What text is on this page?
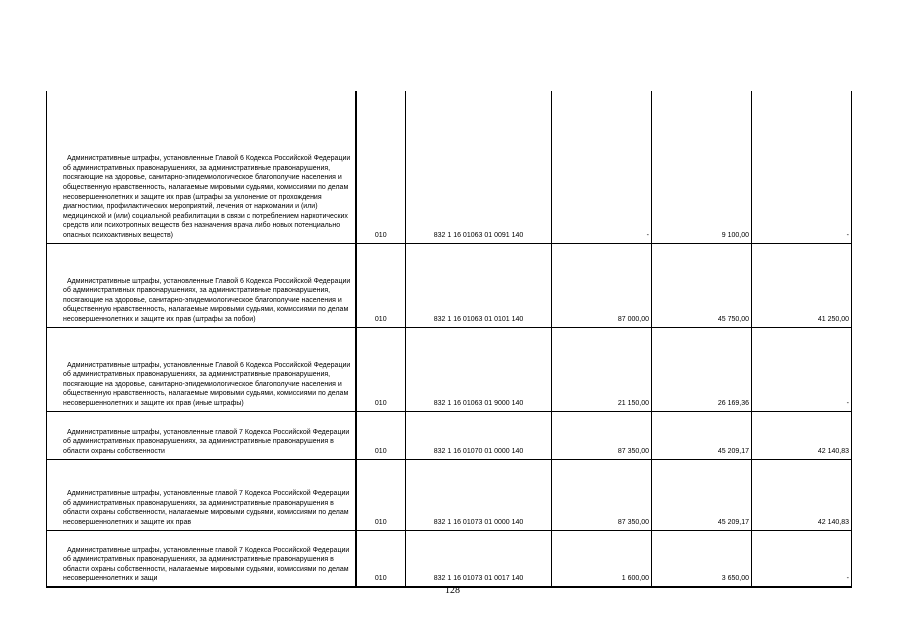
Административные штрафы, установленные Главой 6 Кодекса Российской Федерации об административных правонарушениях, за административные правонарушения, посягающие на здоровье, санитарно-эпидемиологическое благополучие населения и общественную нравственность, налагаемые мировыми судьями, комиссиями по делам несовершеннолетних и защите их прав (штрафы за уклонение от прохождения диагностики, профилактических мероприятий, лечения от наркомании и (или) медицинской и (или) социальной реабилитации в связи с потреблением наркотических средств или психотропных веществ без назначения врача либо новых потенциально опасных психоактивных веществ)	010	832 1 16 01063 01 0091 140	-	9 100,00	-
Административные штрафы, установленные Главой 6 Кодекса Российской Федерации об административных правонарушениях, за административные правонарушения, посягающие на здоровье, санитарно-эпидемиологическое благополучие населения и общественную нравственность, налагаемые мировыми судьями, комиссиями по делам несовершеннолетних и защите их прав (штрафы за побои)	010	832 1 16 01063 01 0101 140	87 000,00	45 750,00	41 250,00
Административные штрафы, установленные Главой 6 Кодекса Российской Федерации об административных правонарушениях, за административные правонарушения, посягающие на здоровье, санитарно-эпидемиологическое благополучие населения и общественную нравственность, налагаемые мировыми судьями, комиссиями по делам несовершеннолетних и защите их прав (иные штрафы)	010	832 1 16 01063 01 9000 140	21 150,00	26 169,36	-
Административные штрафы, установленные главой 7 Кодекса Российской Федерации об административных правонарушениях, за административные правонарушения в области охраны собственности	010	832 1 16 01070 01 0000 140	87 350,00	45 209,17	42 140,83
Административные штрафы, установленные главой 7 Кодекса Российской Федерации об административных правонарушениях, за административные правонарушения в области охраны собственности, налагаемые мировыми судьями, комиссиями по делам несовершеннолетних и защите их прав	010	832 1 16 01073 01 0000 140	87 350,00	45 209,17	42 140,83
Административные штрафы, установленные главой 7 Кодекса Российской Федерации об административных правонарушениях, за административные правонарушения в области охраны собственности, налагаемые мировыми судьями, комиссиями по делам несовершеннолетних и защи	010	832 1 16 01073 01 0017 140	1 600,00	3 650,00	-
128
